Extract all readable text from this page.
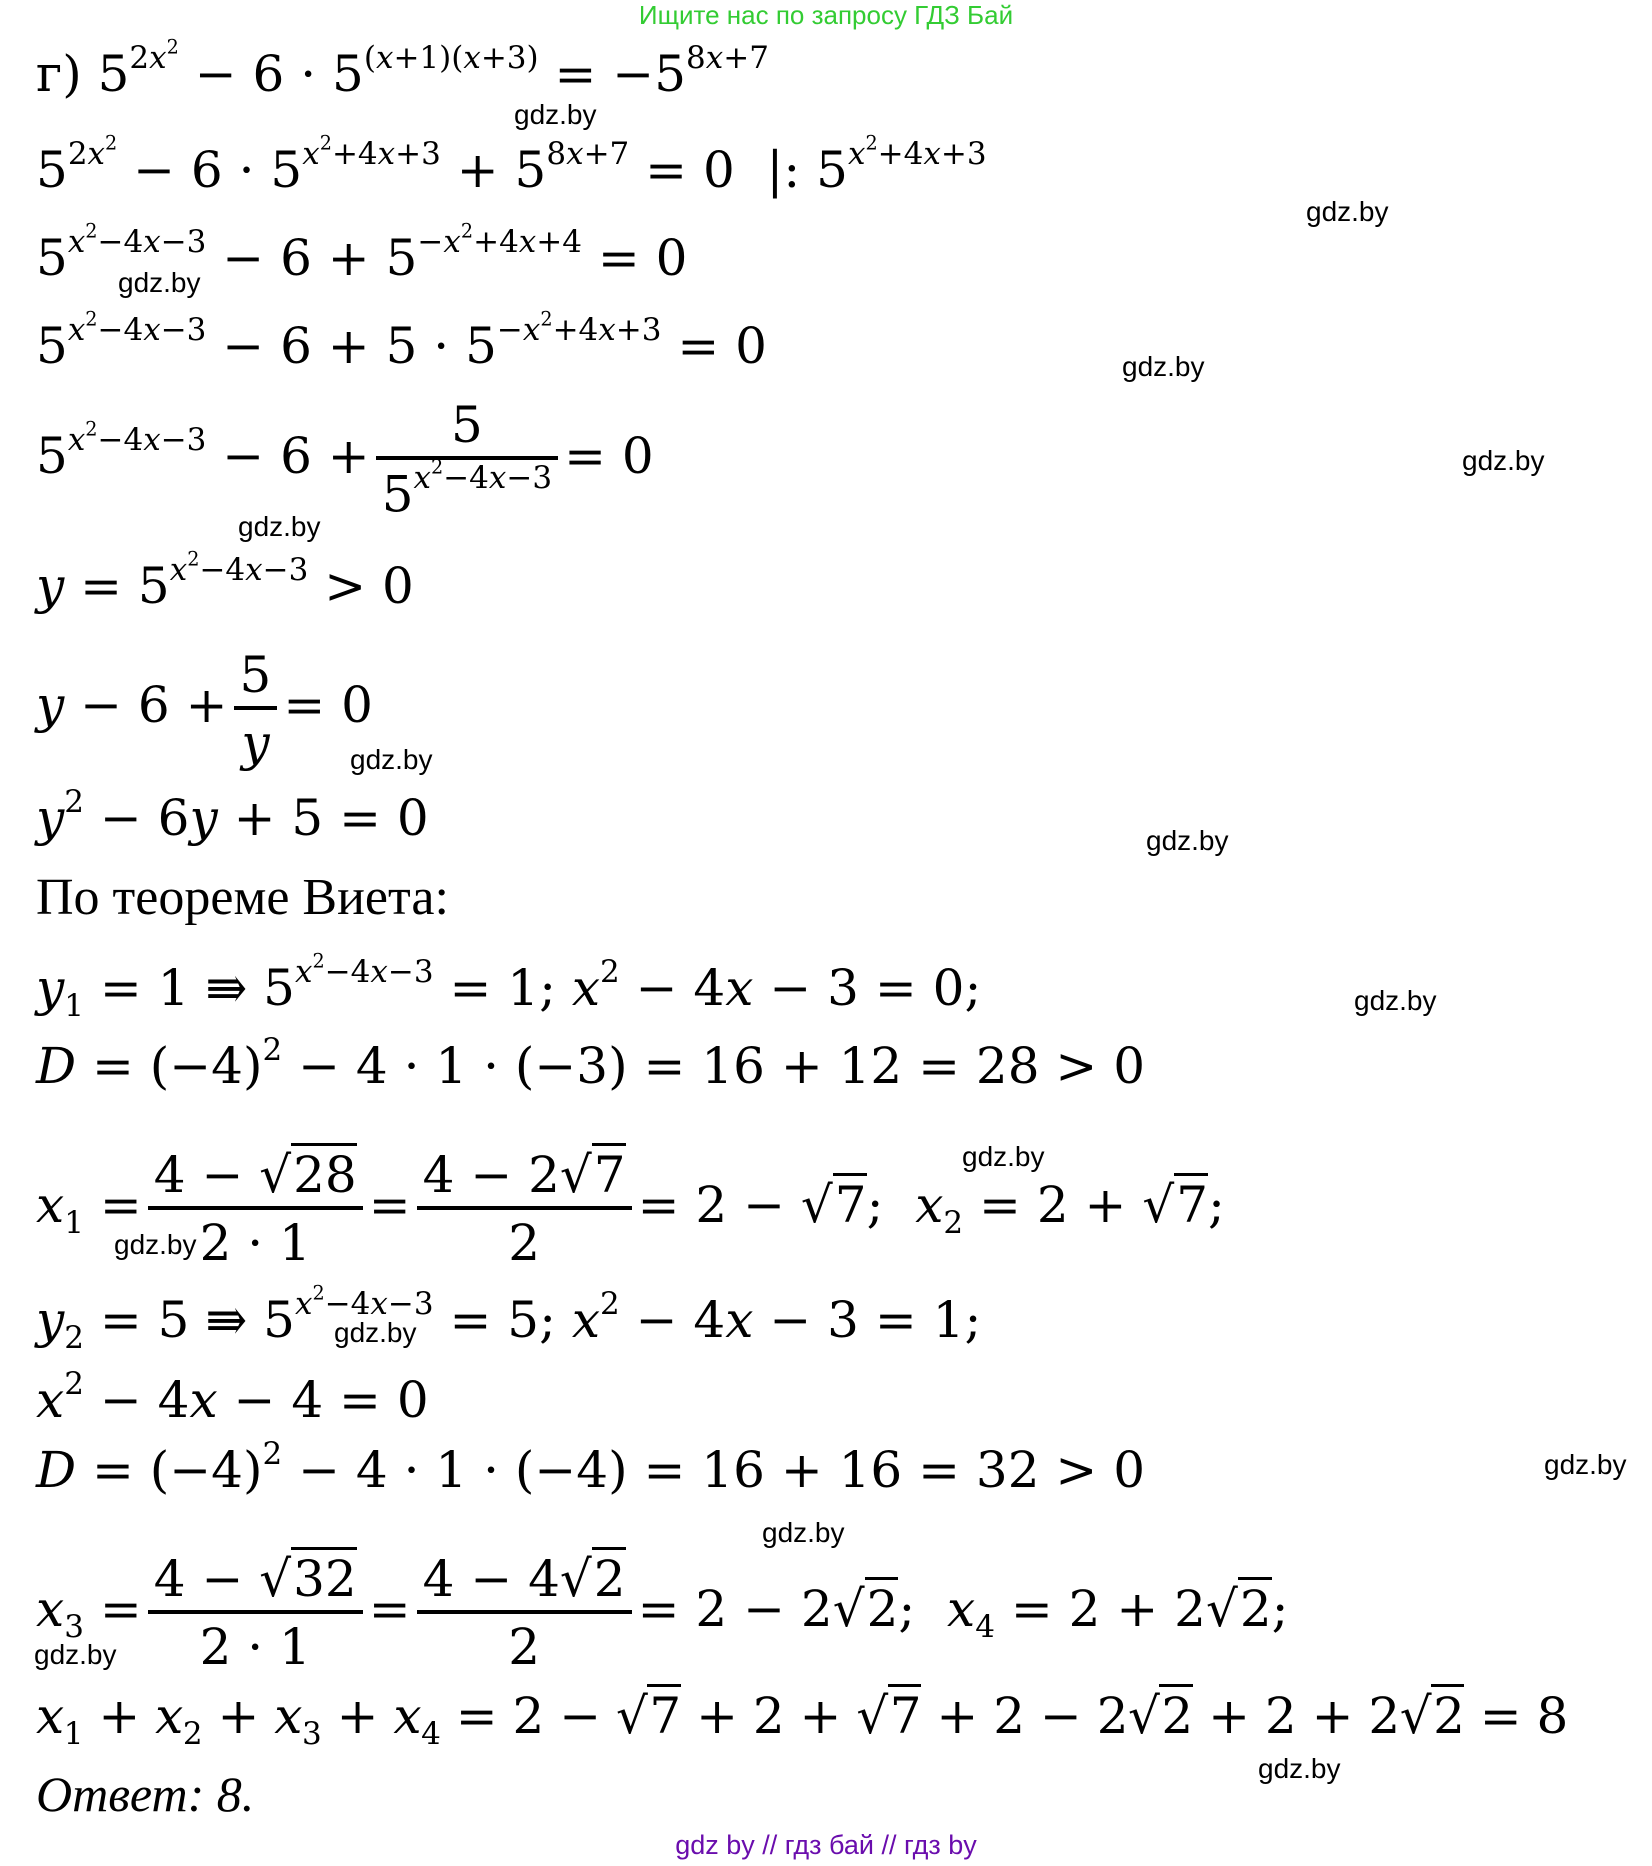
Ищите нас по запросу ГДЗ Бай
г) $5^{2x^2} - 6 \cdot 5^{(x+1)(x+3)} = -5^{8x+7}$
$5^{2x^2} - 6 \cdot 5^{x^2+4x+3} + 5^{8x+7} = 0$  |: $5^{x^2+4x+3}$
$5^{x^2-4x-3} - 6 + 5^{-x^2+4x+4} = 0$
$5^{x^2-4x-3} - 6 + 5 \cdot 5^{-x^2+4x+3} = 0$
$5^{x^2-4x-3} - 6 + \frac{5}{5^{x^2-4x-3}} = 0$
$y = 5^{x^2-4x-3} > 0$
$y - 6 + \frac{5}{y} = 0$
$y^2 - 6y + 5 = 0$
По теореме Виета:
$y_1 = 1$ ⇛ $5^{x^2-4x-3} = 1$; $x^2 - 4x - 3 = 0$;
$D = (-4)^2 - 4 \cdot 1 \cdot (-3) = 16 + 12 = 28 > 0$
$x_1 = \frac{4 - √28}{2 \cdot 1} = \frac{4 - 2√7}{2} = 2 - √7$;  $x_2 = 2 + √7$;
$y_2 = 5$ ⇛ $5^{x^2-4x-3} = 5$; $x^2 - 4x - 3 = 1$;
$x^2 - 4x - 4 = 0$
$D = (-4)^2 - 4 \cdot 1 \cdot (-4) = 16 + 16 = 32 > 0$
$x_3 = \frac{4 - √32}{2 \cdot 1} = \frac{4 - 4√2}{2} = 2 - 2√2$;  $x_4 = 2 + 2√2$;
$x_1 + x_2 + x_3 + x_4 = 2 - √7 + 2 + √7 + 2 - 2√2 + 2 + 2√2 = 8$
Ответ: 8.
gdz.by
gdz.by
gdz.by
gdz.by
gdz.by
gdz.by
gdz.by
gdz.by
gdz.by
gdz.by
gdz.by
gdz.by
gdz.by
gdz.by
gdz.by
gdz.by
gdz by // гдз бай // гдз by
